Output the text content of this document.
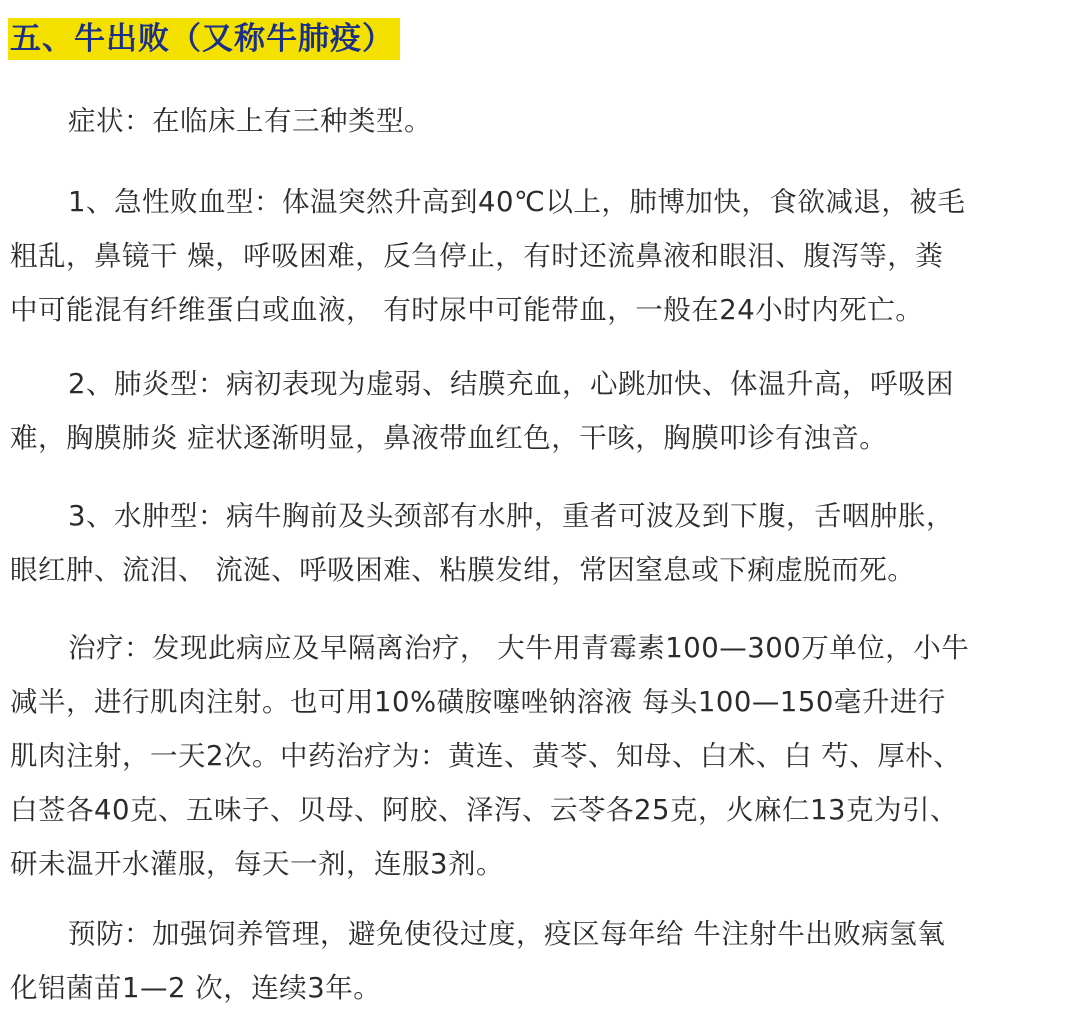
五、牛出败（又称牛肺疫）
症状：在临床上有三种类型。
1、急性败血型：体温突然升高到40℃以上，肺博加快，食欲减退，被毛
粗乱，鼻镜干 燥，呼吸困难，反刍停止，有时还流鼻液和眼泪、腹泻等，粪
中可能混有纤维蛋白或血液， 有时尿中可能带血，一般在24小时内死亡。
2、肺炎型：病初表现为虚弱、结膜充血，心跳加快、体温升高，呼吸困
难，胸膜肺炎 症状逐渐明显，鼻液带血红色，干咳，胸膜叩诊有浊音。
3、水肿型：病牛胸前及头颈部有水肿，重者可波及到下腹，舌咽肿胀，
眼红肿、流泪、 流涎、呼吸困难、粘膜发绀，常因窒息或下痢虚脱而死。
治疗：发现此病应及早隔离治疗， 大牛用青霉素100—300万单位，小牛
减半，进行肌肉注射。也可用10%磺胺噻唑钠溶液 每头100—150毫升进行
肌肉注射，一天2次。中药治疗为：黄连、黄苓、知母、白术、白 芍、厚朴、
白莶各40克、五味子、贝母、阿胶、泽泻、云苓各25克，火麻仁13克为引、
研未温开水灌服，每天一剂，连服3剂。
预防：加强饲养管理，避免使役过度，疫区每年给 牛注射牛出败病氢氧
化铝菌苗1—2 次，连续3年。
